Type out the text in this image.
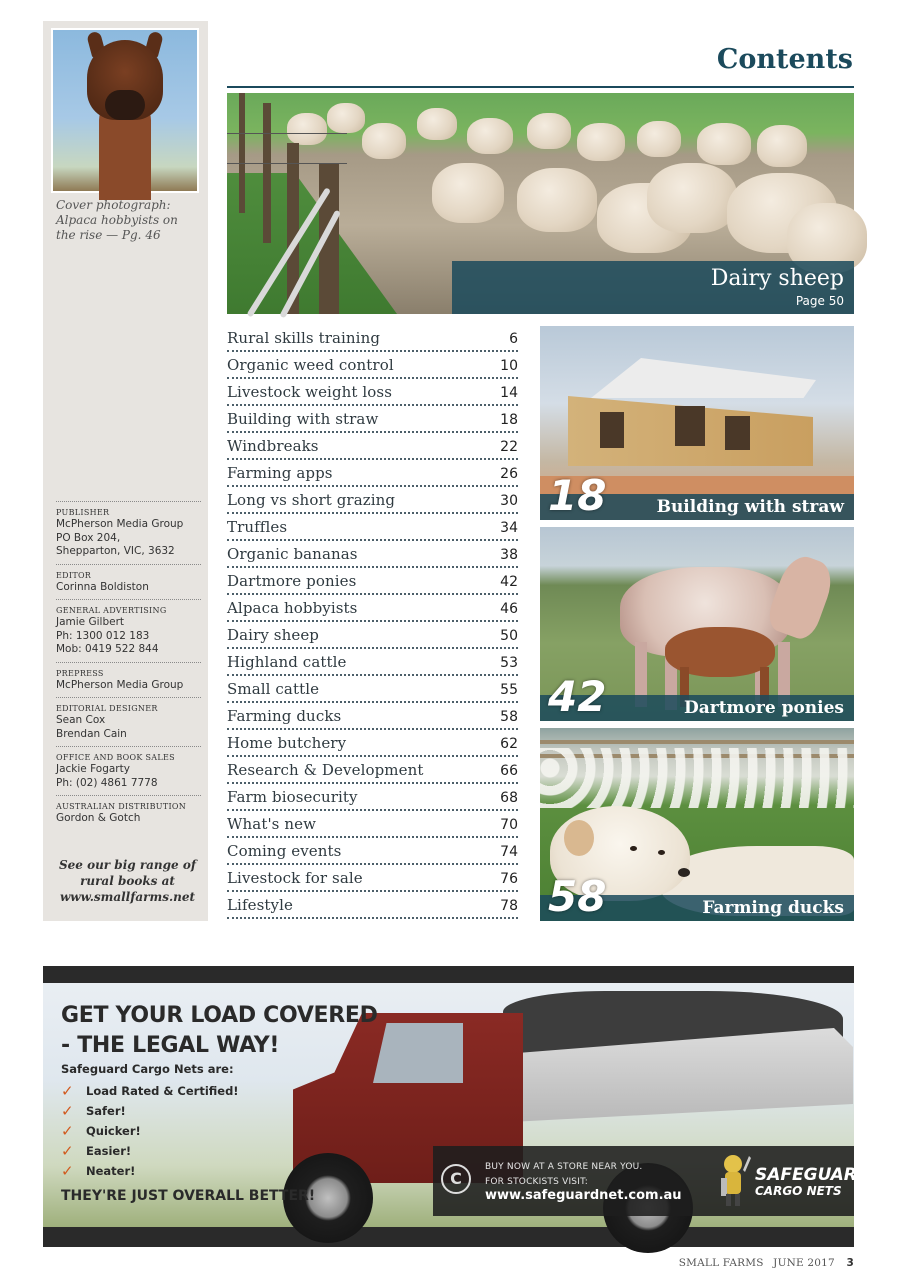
Cover photograph: Alpaca hobbyists on the rise — Pg. 46

PUBLISHER
McPherson Media Group
PO Box 204,
Shepparton, VIC, 3632
EDITOR
Corinna Boldiston
GENERAL ADVERTISING
Jamie Gilbert
Ph: 1300 012 183
Mob: 0419 522 844
PREPRESS
McPherson Media Group
EDITORIAL DESIGNER
Sean Cox
Brendan Cain
OFFICE AND BOOK SALES
Jackie Fogarty
Ph: (02) 4861 7778
AUSTRALIAN DISTRIBUTION
Gordon & Gotch

See our big range of rural books at www.smallfarms.net

Contents
Dairy sheep
Page 50
Rural skills training	6
Organic weed control	10
Livestock weight loss	14
Building with straw	18
Windbreaks	22
Farming apps	26
Long vs short grazing	30
Truffles	34
Organic bananas	38
Dartmore ponies	42
Alpaca hobbyists	46
Dairy sheep	50
Highland cattle	53
Small cattle	55
Farming ducks	58
Home butchery	62
Research & Development	66
Farm biosecurity	68
What's new	70
Coming events	74
Livestock for sale	76
Lifestyle	78
18	Building with straw
42	Dartmore ponies
58	Farming ducks
GET YOUR LOAD COVERED
- THE LEGAL WAY!
Safeguard Cargo Nets are:
✓	Load Rated & Certified!
✓	Safer!
✓	Quicker!
✓	Easier!
✓	Neater!
THEY'RE JUST OVERALL BETTER!
C
BUY NOW AT A STORE NEAR YOU.
FOR STOCKISTS VISIT:
www.safeguardnet.com.au
SAFEGUARD
CARGO NETS
SMALL FARMS JUNE 2017 3
